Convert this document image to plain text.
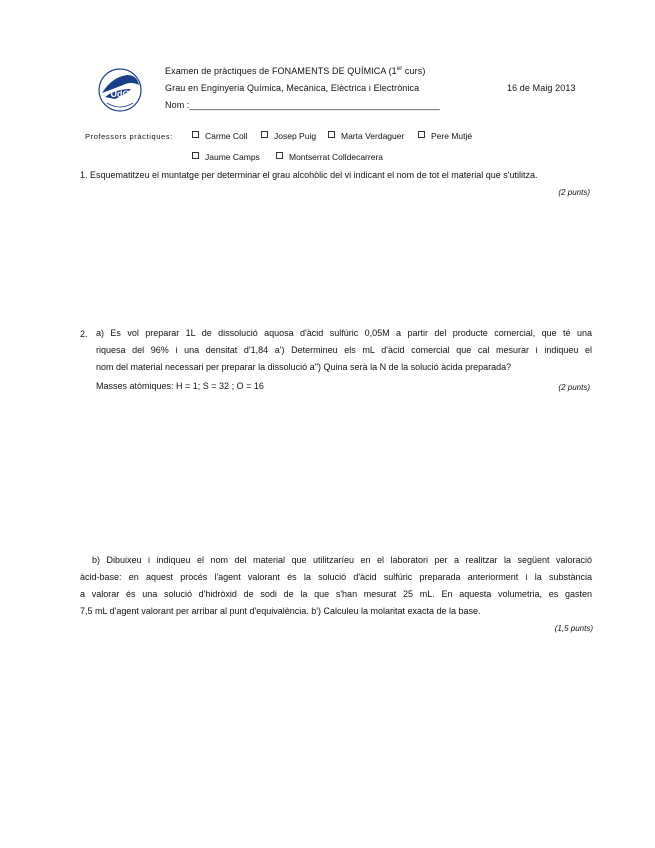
UdG
Examen de pràctiques de FONAMENTS DE QUÍMICA (1er curs)
Grau en Enginyeria Química, Mecànica, Elèctrica i Electrònica	16 de Maig 2013
Nom :_________________________________________________
Professors pràctiques:	Carme Coll	Josep Puig	Marta Verdaguer	Pere Mutjé
Jaume Camps	Montserrat Colldecarrera
1. Esquematitzeu el muntatge per determinar el grau alcohòlic del vi indicant el nom de tot el material que s'utilitza.
(2 punts)
2. a) Es vol preparar 1L de dissolució aquosa d'àcid sulfúric 0,05M a partir del producte comercial, que té una
riquesa del 96% i una densitat d'1,84 a') Determineu els mL d'àcid comercial que cal mesurar i indiqueu el
nom del material necessari per preparar la dissolució a'') Quina serà la N de la solució àcida preparada?
Masses atòmiques: H = 1; S = 32 ; O = 16	(2 punts)
b) Dibuixeu i indiqueu el nom del material que utilitzaríeu en el laboratori per a realitzar la següent valoració
àcid-base: en aquest procés l'agent valorant és la solució d'àcid sulfúric preparada anteriorment i la substància
a valorar és una solució d'hidròxid de sodi de la que s'han mesurat 25 mL. En aquesta volumetria, es gasten
7,5 mL d'agent valorant per arribar al punt d'equivalència. b') Calculeu la molaritat exacta de la base.
(1,5 punts)
